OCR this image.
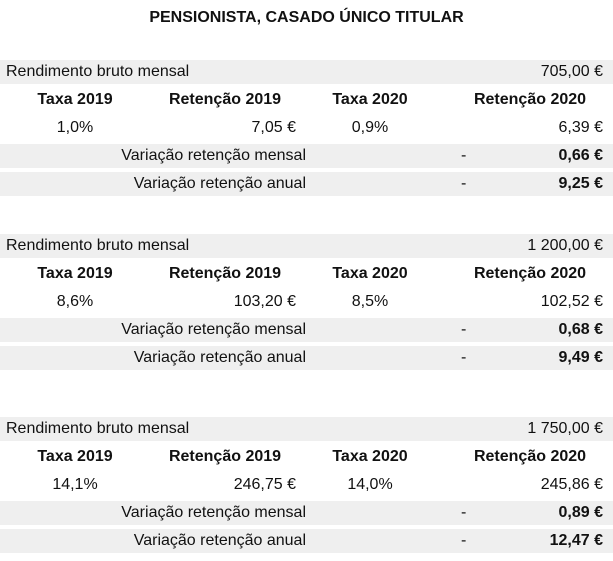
PENSIONISTA, CASADO ÚNICO TITULAR
Rendimento bruto mensal	705,00 €
Taxa 2019	Retenção 2019	Taxa 2020	Retenção 2020
1,0%	7,05 €	0,9%	6,39 €
Variação retenção mensal	-	0,66 €
Variação retenção anual	-	9,25 €
Rendimento bruto mensal	1 200,00 €
Taxa 2019	Retenção 2019	Taxa 2020	Retenção 2020
8,6%	103,20 €	8,5%	102,52 €
Variação retenção mensal	-	0,68 €
Variação retenção anual	-	9,49 €
Rendimento bruto mensal	1 750,00 €
Taxa 2019	Retenção 2019	Taxa 2020	Retenção 2020
14,1%	246,75 €	14,0%	245,86 €
Variação retenção mensal	-	0,89 €
Variação retenção anual	-	12,47 €
